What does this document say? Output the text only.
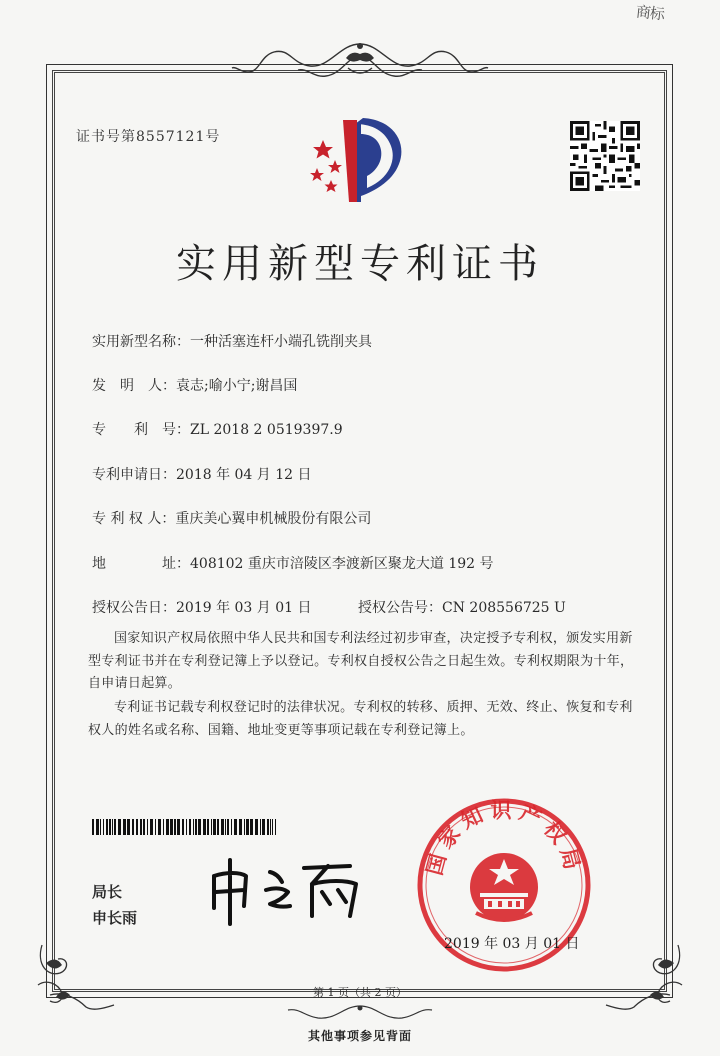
商标
证书号第8557121号
实用新型专利证书
实用新型名称：一种活塞连杆小端孔铣削夹具
发　明　人：袁志;喻小宁;谢昌国
专　　利　号：ZL 2018 2 0519397.9
专利申请日：2018 年 04 月 12 日
专 利 权 人：重庆美心翼申机械股份有限公司
地　　　　址：408102 重庆市涪陵区李渡新区聚龙大道 192 号
授权公告日：2019 年 03 月 01 日	授权公告号：CN 208556725 U
国家知识产权局依照中华人民共和国专利法经过初步审查，决定授予专利权，颁发实用新型专利证书并在专利登记簿上予以登记。专利权自授权公告之日起生效。专利权期限为十年，自申请日起算。
专利证书记载专利权登记时的法律状况。专利权的转移、质押、无效、终止、恢复和专利权人的姓名或名称、国籍、地址变更等事项记载在专利登记簿上。
局长
申长雨
国家知识产权局
2019 年 03 月 01 日
第 1 页（共 2 页）
其他事项参见背面
